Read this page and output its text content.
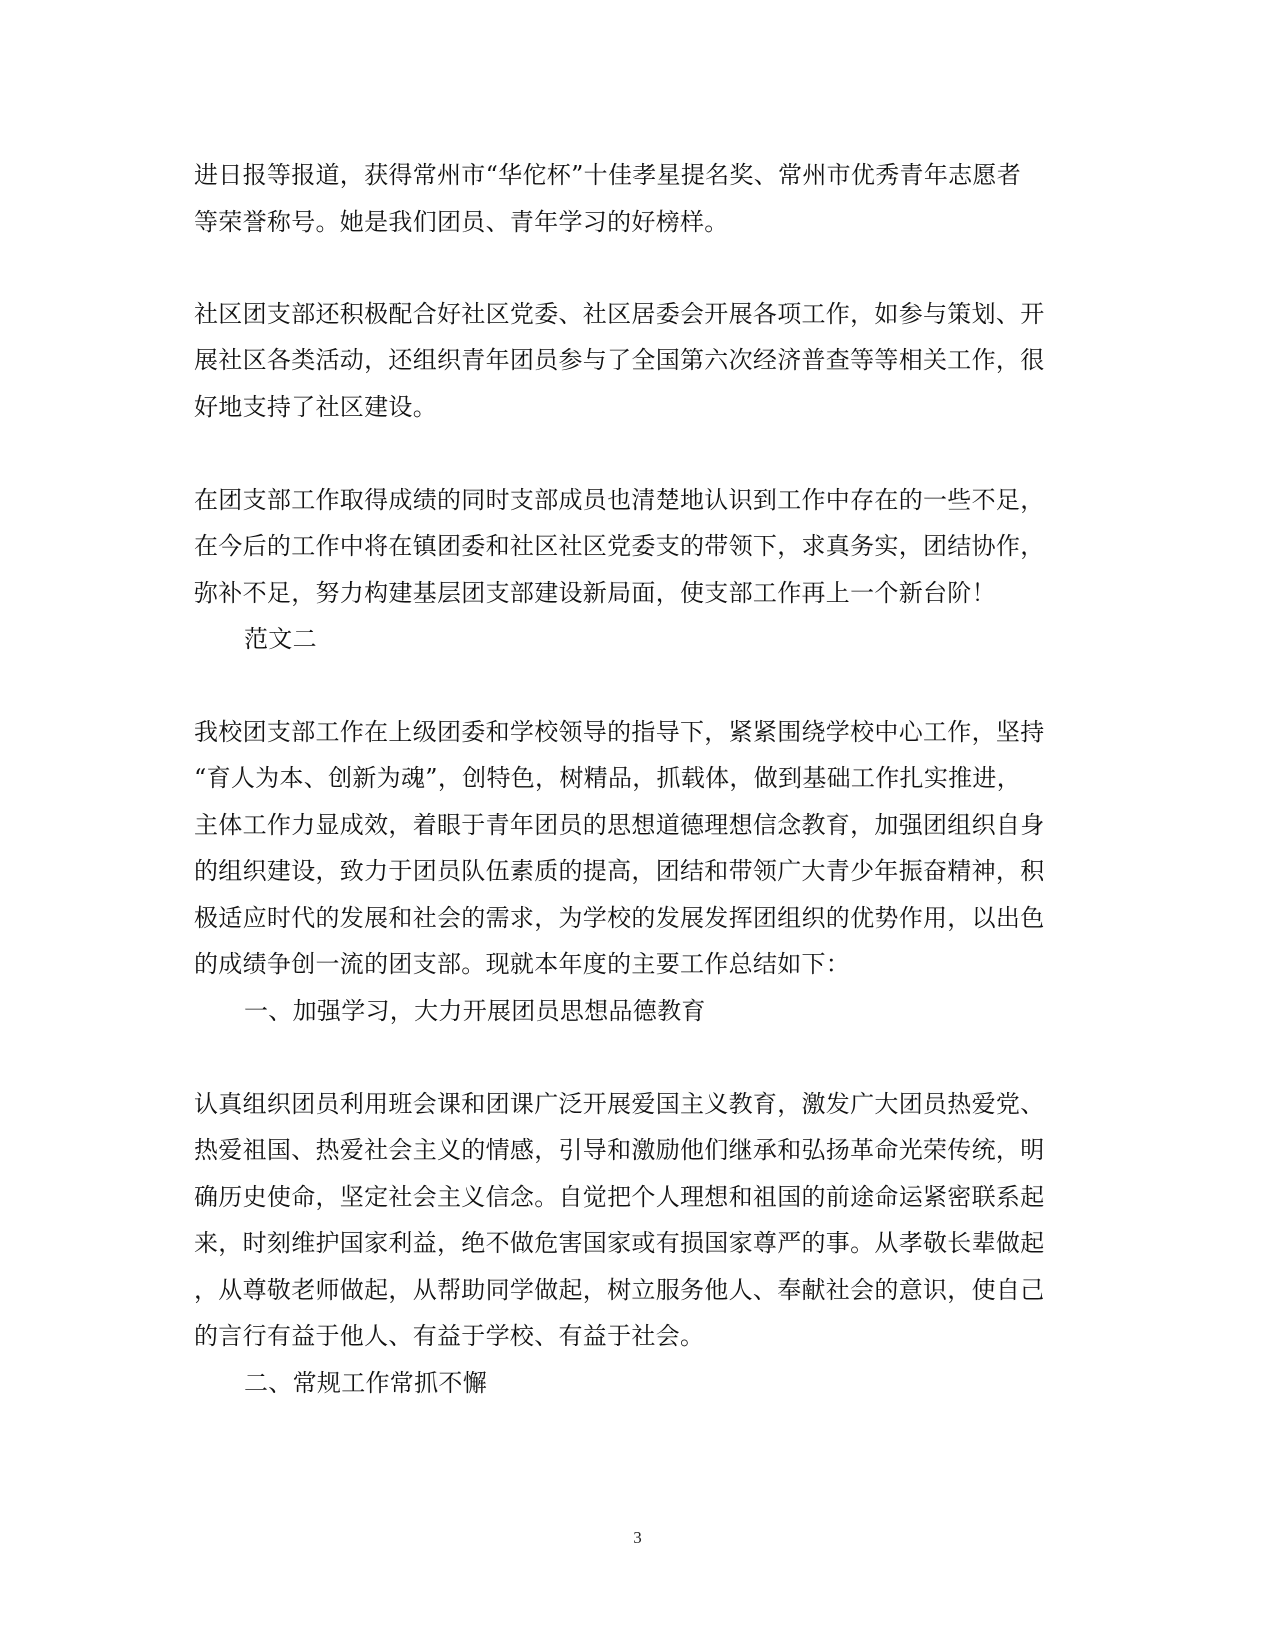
进日报等报道，获得常州市“华佗杯”十佳孝星提名奖、常州市优秀青年志愿者
等荣誉称号。她是我们团员、青年学习的好榜样。
社区团支部还积极配合好社区党委、社区居委会开展各项工作，如参与策划、开
展社区各类活动，还组织青年团员参与了全国第六次经济普查等等相关工作，很
好地支持了社区建设。
在团支部工作取得成绩的同时支部成员也清楚地认识到工作中存在的一些不足，
在今后的工作中将在镇团委和社区社区党委支的带领下，求真务实，团结协作，
弥补不足，努力构建基层团支部建设新局面，使支部工作再上一个新台阶！
范文二
我校团支部工作在上级团委和学校领导的指导下，紧紧围绕学校中心工作，坚持
“育人为本、创新为魂”，创特色，树精品，抓载体，做到基础工作扎实推进，
主体工作力显成效，着眼于青年团员的思想道德理想信念教育，加强团组织自身
的组织建设，致力于团员队伍素质的提高，团结和带领广大青少年振奋精神，积
极适应时代的发展和社会的需求，为学校的发展发挥团组织的优势作用，以出色
的成绩争创一流的团支部。现就本年度的主要工作总结如下：
一、加强学习，大力开展团员思想品德教育
认真组织团员利用班会课和团课广泛开展爱国主义教育，激发广大团员热爱党、
热爱祖国、热爱社会主义的情感，引导和激励他们继承和弘扬革命光荣传统，明
确历史使命，坚定社会主义信念。自觉把个人理想和祖国的前途命运紧密联系起
来，时刻维护国家利益，绝不做危害国家或有损国家尊严的事。从孝敬长辈做起
，从尊敬老师做起，从帮助同学做起，树立服务他人、奉献社会的意识，使自己
的言行有益于他人、有益于学校、有益于社会。
二、常规工作常抓不懈
3
